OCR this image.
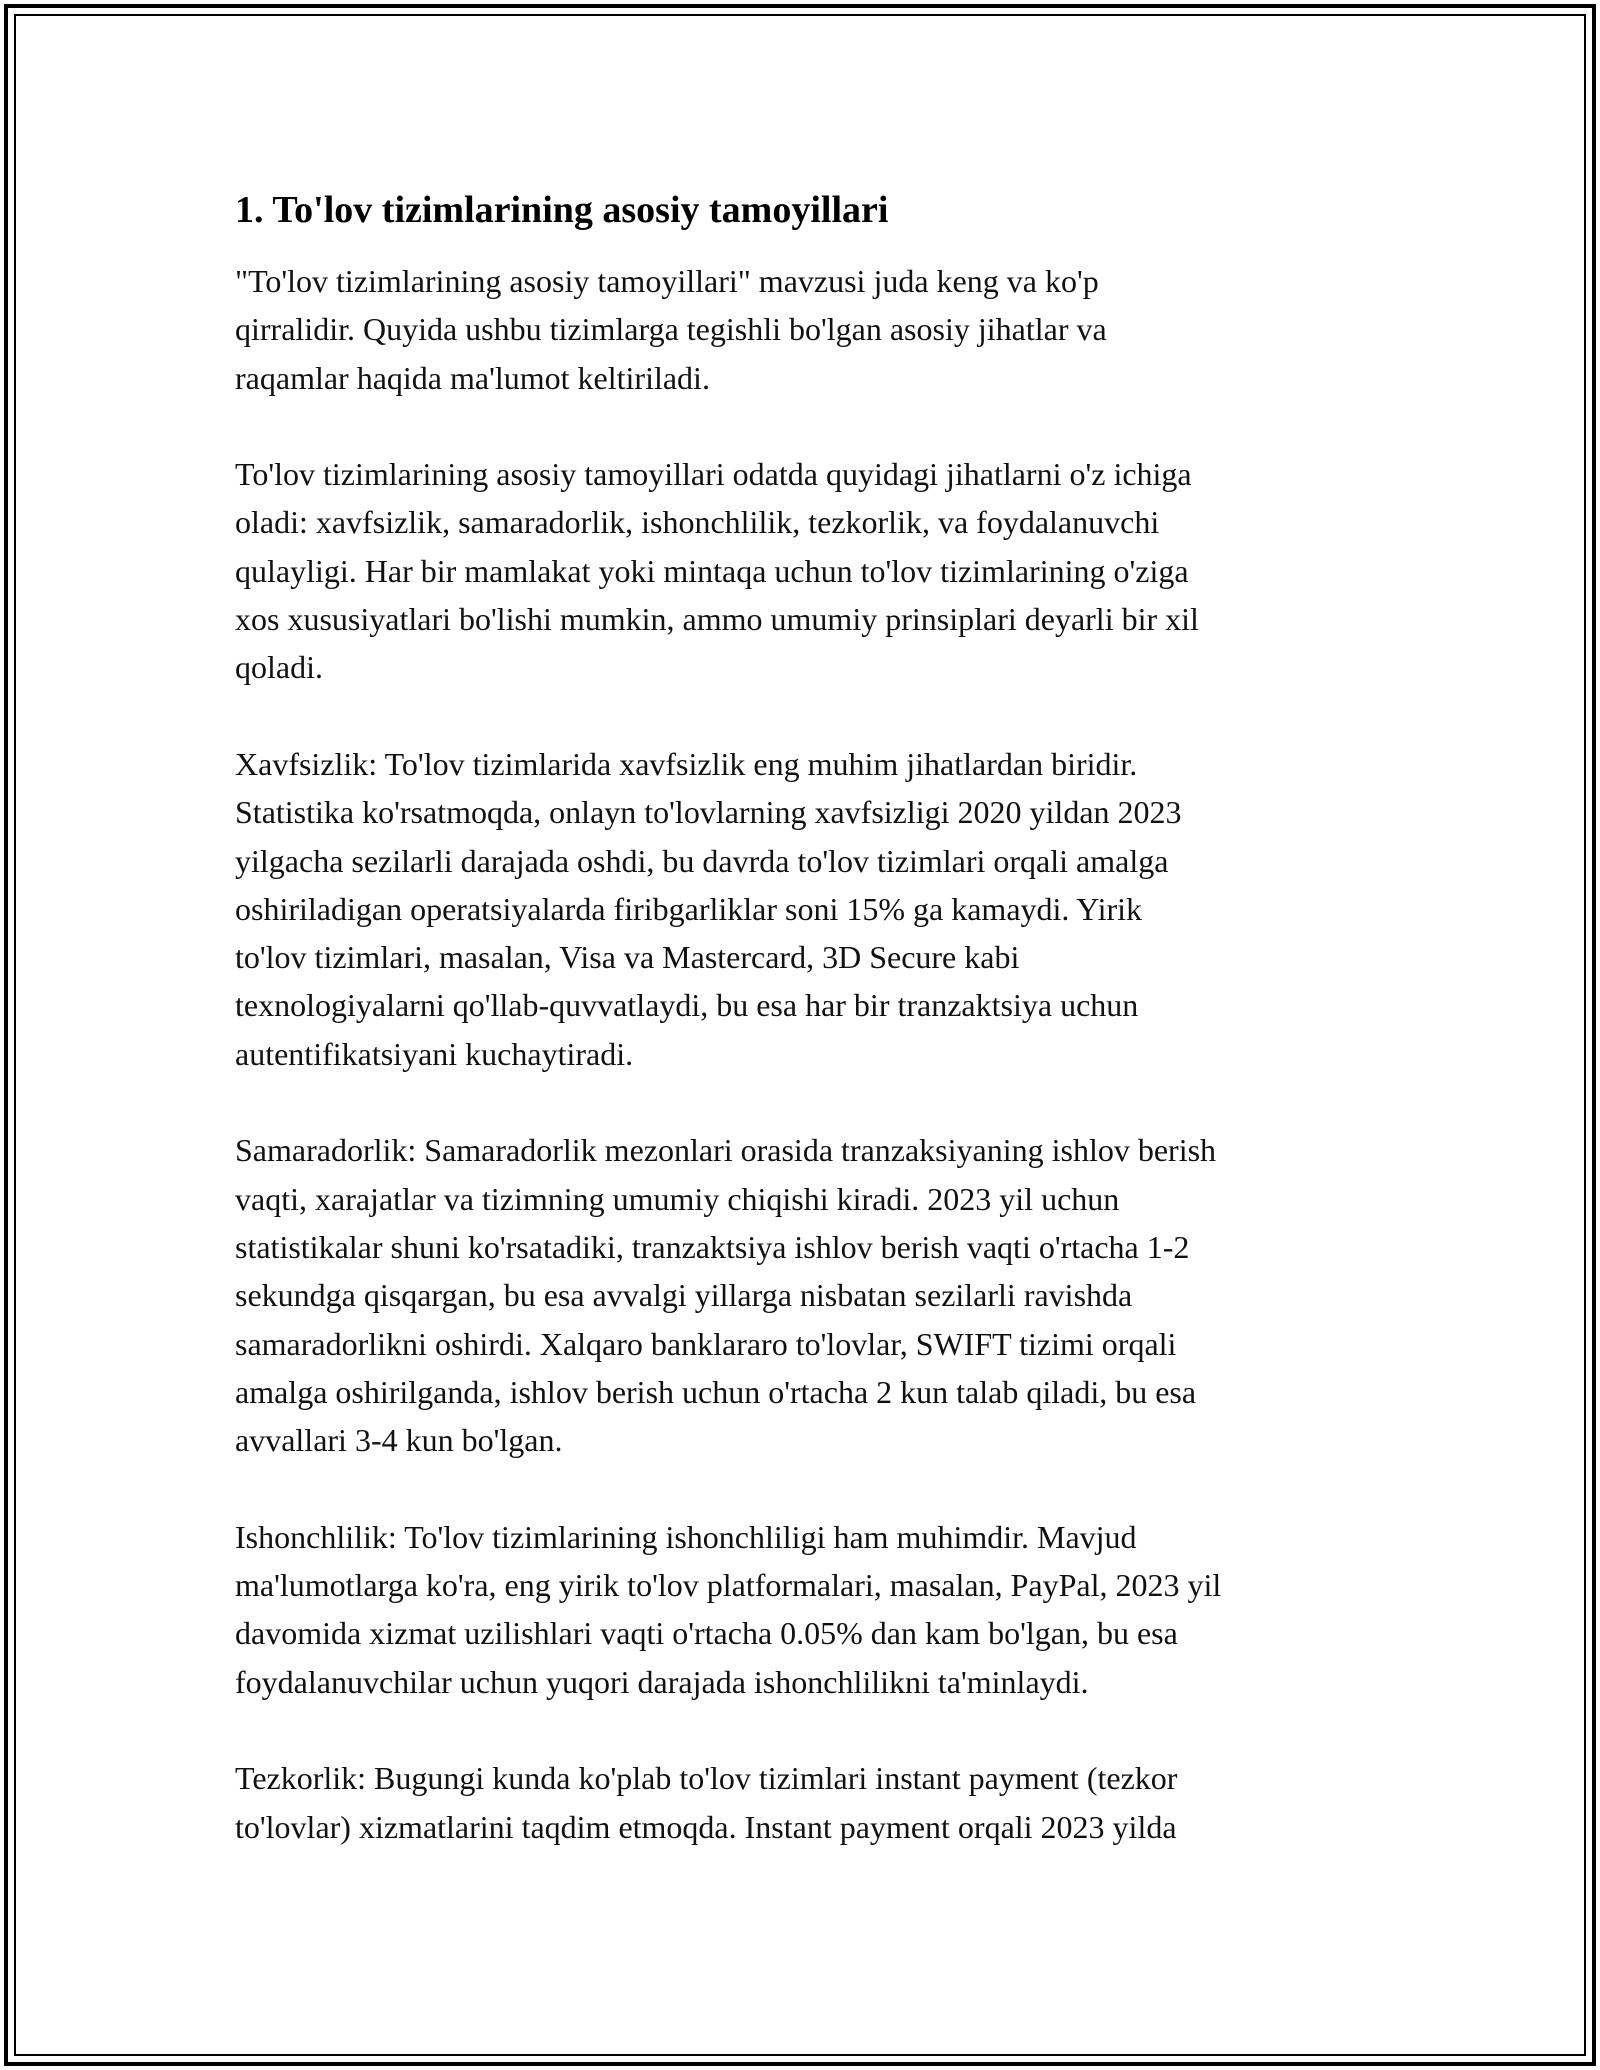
1. To'lov tizimlarining asosiy tamoyillari
"To'lov tizimlarining asosiy tamoyillari" mavzusi juda keng va ko'p
qirralidir. Quyida ushbu tizimlarga tegishli bo'lgan asosiy jihatlar va
raqamlar haqida ma'lumot keltiriladi.
To'lov tizimlarining asosiy tamoyillari odatda quyidagi jihatlarni o'z ichiga
oladi: xavfsizlik, samaradorlik, ishonchlilik, tezkorlik, va foydalanuvchi
qulayligi. Har bir mamlakat yoki mintaqa uchun to'lov tizimlarining o'ziga
xos xususiyatlari bo'lishi mumkin, ammo umumiy prinsiplari deyarli bir xil
qoladi.
Xavfsizlik: To'lov tizimlarida xavfsizlik eng muhim jihatlardan biridir.
Statistika ko'rsatmoqda, onlayn to'lovlarning xavfsizligi 2020 yildan 2023
yilgacha sezilarli darajada oshdi, bu davrda to'lov tizimlari orqali amalga
oshiriladigan operatsiyalarda firibgarliklar soni 15% ga kamaydi. Yirik
to'lov tizimlari, masalan, Visa va Mastercard, 3D Secure kabi
texnologiyalarni qo'llab-quvvatlaydi, bu esa har bir tranzaktsiya uchun
autentifikatsiyani kuchaytiradi.
Samaradorlik: Samaradorlik mezonlari orasida tranzaksiyaning ishlov berish
vaqti, xarajatlar va tizimning umumiy chiqishi kiradi. 2023 yil uchun
statistikalar shuni ko'rsatadiki, tranzaktsiya ishlov berish vaqti o'rtacha 1-2
sekundga qisqargan, bu esa avvalgi yillarga nisbatan sezilarli ravishda
samaradorlikni oshirdi. Xalqaro banklararo to'lovlar, SWIFT tizimi orqali
amalga oshirilganda, ishlov berish uchun o'rtacha 2 kun talab qiladi, bu esa
avvallari 3-4 kun bo'lgan.
Ishonchlilik: To'lov tizimlarining ishonchliligi ham muhimdir. Mavjud
ma'lumotlarga ko'ra, eng yirik to'lov platformalari, masalan, PayPal, 2023 yil
davomida xizmat uzilishlari vaqti o'rtacha 0.05% dan kam bo'lgan, bu esa
foydalanuvchilar uchun yuqori darajada ishonchlilikni ta'minlaydi.
Tezkorlik: Bugungi kunda ko'plab to'lov tizimlari instant payment (tezkor
to'lovlar) xizmatlarini taqdim etmoqda. Instant payment orqali 2023 yilda
